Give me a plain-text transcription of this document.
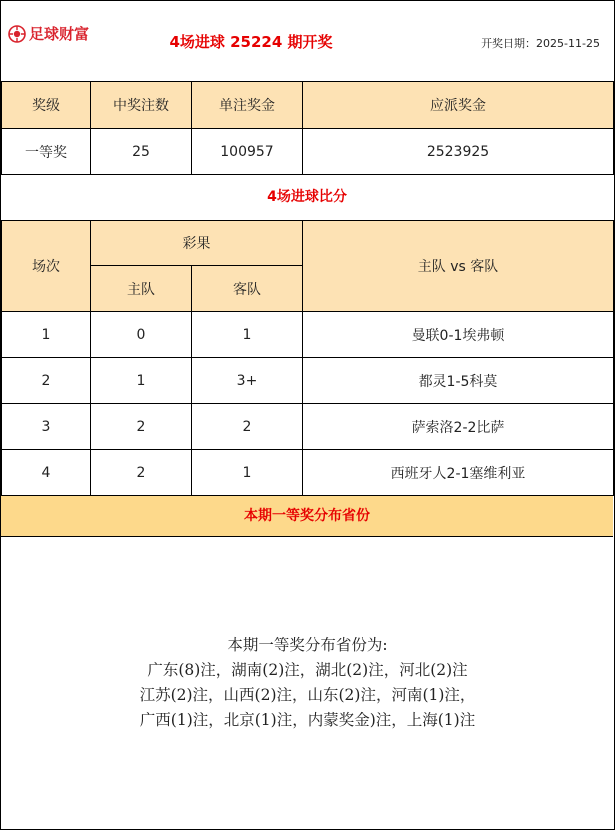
足球财富	4场进球 25224 期开奖	开奖日期：2025-11-25
奖级	中奖注数	单注奖金	应派奖金
一等奖	25	100957	2523925
4场进球比分
场次	彩果		主队 vs 客队
	主队	客队	
1	0	1	曼联0-1埃弗顿
2	1	3+	都灵1-5科莫
3	2	2	萨索洛2-2比萨
4	2	1	西班牙人2-1塞维利亚
本期一等奖分布省份
本期一等奖分布省份为:
广东(8)注，湖南(2)注，湖北(2)注，河北(2)注
江苏(2)注，山西(2)注，山东(2)注，河南(1)注，
广西(1)注，北京(1)注，内蒙奖金)注，上海(1)注
